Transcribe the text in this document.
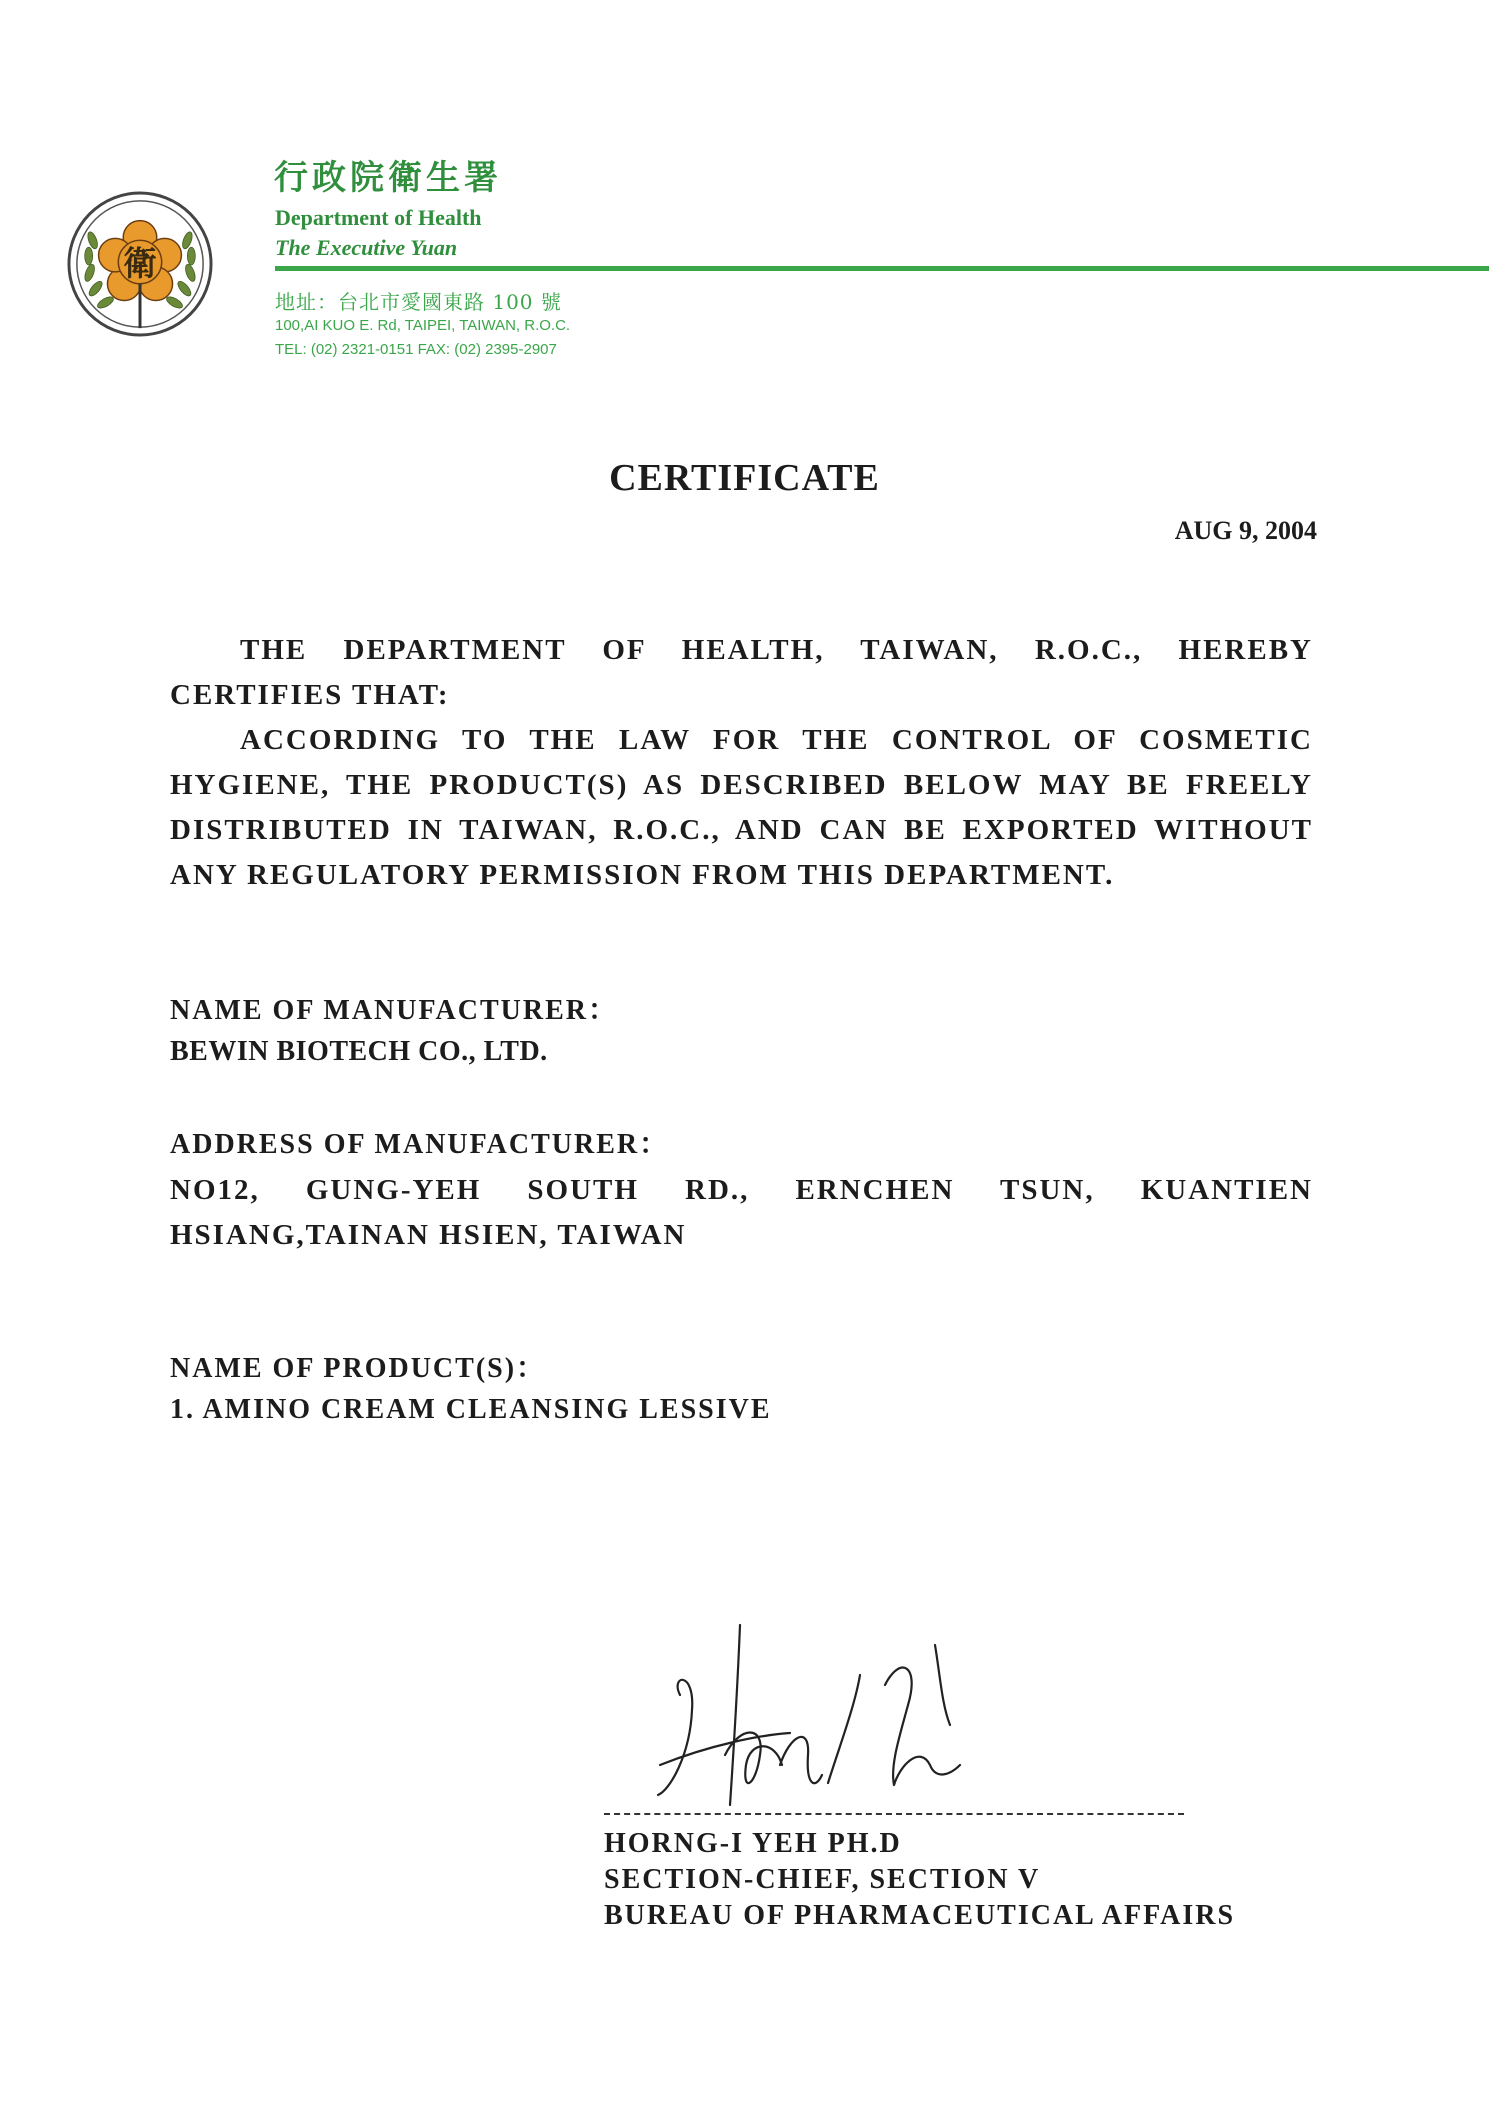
衛
行政院衛生署
Department of Health
The Executive Yuan
地址：台北市愛國東路 100 號
100,AI KUO E. Rd, TAIPEI, TAIWAN, R.O.C.
TEL: (02) 2321-0151 FAX: (02) 2395-2907
CERTIFICATE
AUG 9, 2004
THE DEPARTMENT OF HEALTH, TAIWAN, R.O.C., HEREBY CERTIFIES THAT:
ACCORDING TO THE LAW FOR THE CONTROL OF COSMETIC HYGIENE, THE PRODUCT(S) AS DESCRIBED BELOW MAY BE FREELY DISTRIBUTED IN TAIWAN, R.O.C., AND CAN BE EXPORTED WITHOUT ANY REGULATORY PERMISSION FROM THIS DEPARTMENT.
NAME OF MANUFACTURER：
BEWIN BIOTECH CO., LTD.
ADDRESS OF MANUFACTURER：
NO12, GUNG-YEH SOUTH RD., ERNCHEN TSUN, KUANTIEN HSIANG,TAINAN HSIEN, TAIWAN
NAME OF PRODUCT(S)：
1. AMINO CREAM CLEANSING LESSIVE
HORNG-I YEH PH.D
SECTION-CHIEF, SECTION V
BUREAU OF PHARMACEUTICAL AFFAIRS
